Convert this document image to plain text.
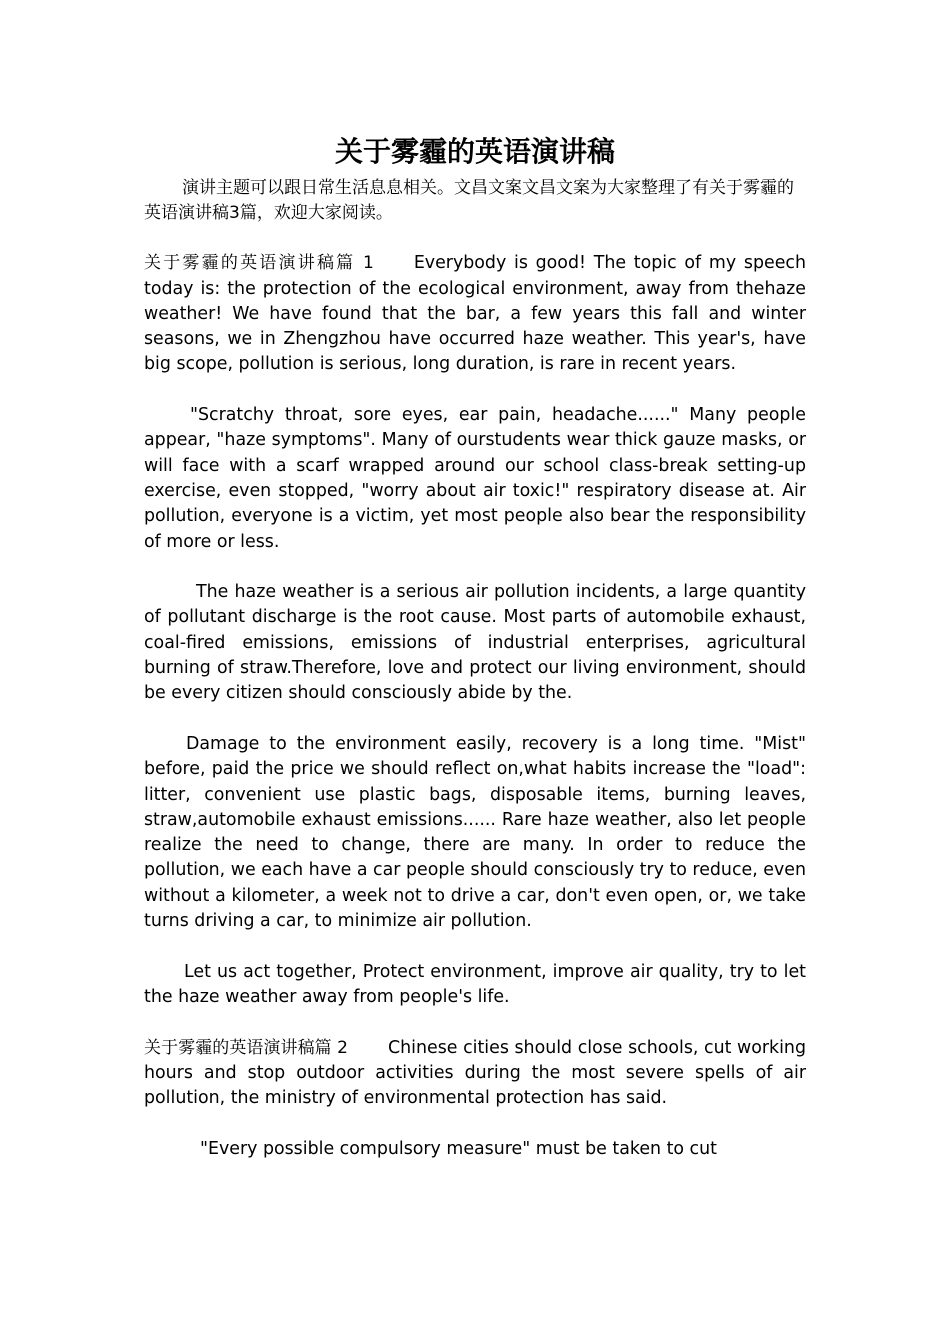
关于雾霾的英语演讲稿

演讲主题可以跟日常生活息息相关。文昌文案文昌文案为大家整理了有关于雾霾的英语演讲稿3篇，欢迎大家阅读。

关于雾霾的英语演讲稿篇 1 Everybody is good! The topic of my speech today is: the protection of the ecological environment, away from thehaze weather! We have found that the bar, a few years this fall and winter seasons, we in Zhengzhou have occurred haze weather. This year's, have big scope, pollution is serious, long duration, is rare in recent years.

"Scratchy throat, sore eyes, ear pain, headache......" Many people appear, "haze symptoms". Many of ourstudents wear thick gauze masks, or will face with a scarf wrapped around our school class-break setting-up exercise, even stopped, "worry about air toxic!" respiratory disease at. Air pollution, everyone is a victim, yet most people also bear the responsibility of more or less.

The haze weather is a serious air pollution incidents, a large quantity of pollutant discharge is the root cause. Most parts of automobile exhaust, coal-fired emissions, emissions of industrial enterprises, agricultural burning of straw.Therefore, love and protect our living environment, should be every citizen should consciously abide by the.

Damage to the environment easily, recovery is a long time. "Mist" before, paid the price we should reflect on,what habits increase the "load": litter, convenient use plastic bags, disposable items, burning leaves, straw,automobile exhaust emissions...... Rare haze weather, also let people realize the need to change, there are many. In order to reduce the pollution, we each have a car people should consciously try to reduce, even without a kilometer, a week not to drive a car, don't even open, or, we take turns driving a car, to minimize air pollution.

Let us act together, Protect environment, improve air quality, try to let the haze weather away from people's life.

关于雾霾的英语演讲稿篇 2 Chinese cities should close schools, cut working hours and stop outdoor activities during the most severe spells of air pollution, the ministry of environmental protection has said.

"Every possible compulsory measure" must be taken to cut
